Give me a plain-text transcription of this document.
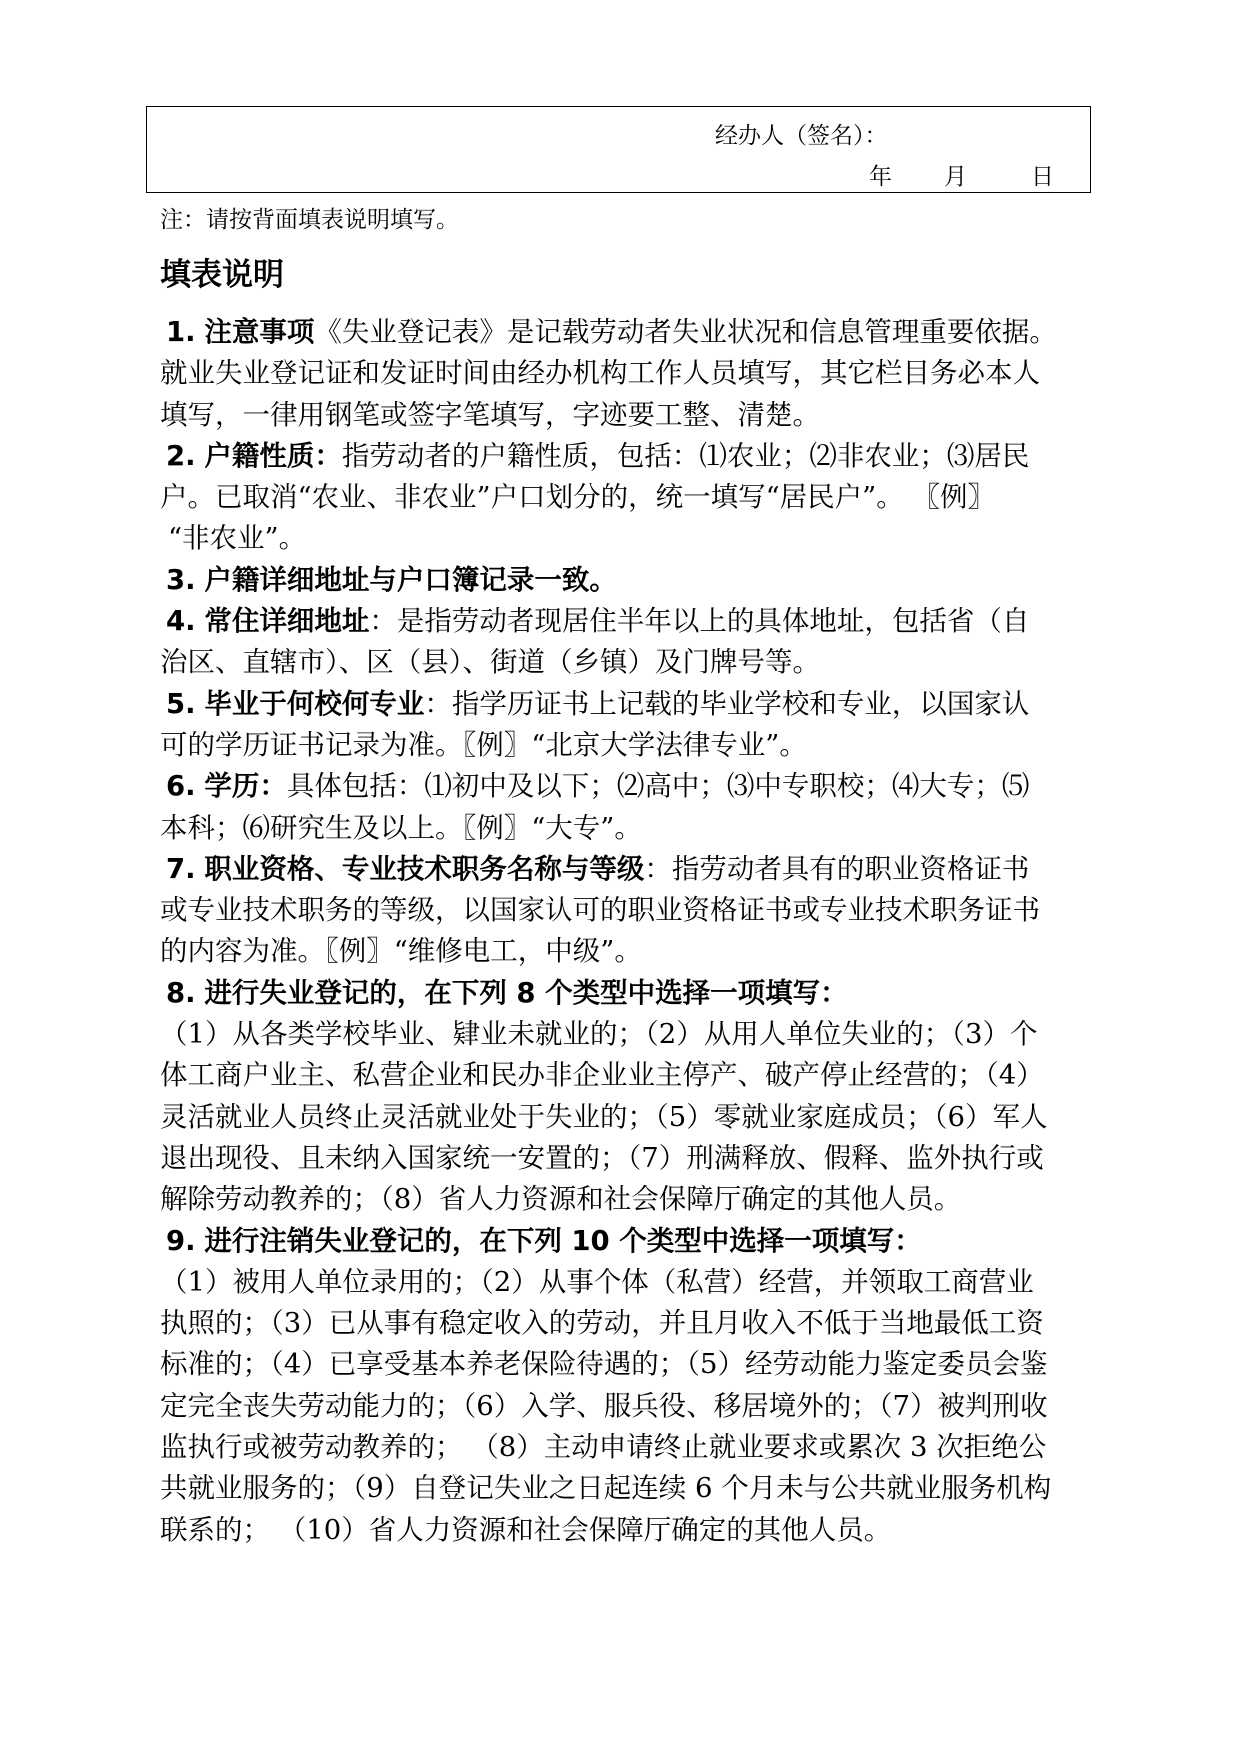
经办人（签名）：
年 月	日
注：请按背面填表说明填写。
填表说明
1. 注意事项《失业登记表》是记载劳动者失业状况和信息管理重要依据。
就业失业登记证和发证时间由经办机构工作人员填写，其它栏目务必本人
填写，一律用钢笔或签字笔填写，字迹要工整、清楚。
2. 户籍性质：指劳动者的户籍性质，包括：⑴农业；⑵非农业；⑶居民
户。已取消“农业、非农业”户口划分的，统一填写“居民户”。 〖例〗
“非农业”。
3. 户籍详细地址与户口簿记录一致。
4. 常住详细地址：是指劳动者现居住半年以上的具体地址，包括省（自
治区、直辖市）、区（县）、街道（乡镇）及门牌号等。
5. 毕业于何校何专业：指学历证书上记载的毕业学校和专业，以国家认
可的学历证书记录为准。〖例〗“北京大学法律专业”。
6. 学历：具体包括：⑴初中及以下；⑵高中；⑶中专职校；⑷大专；⑸
本科；⑹研究生及以上。〖例〗“大专”。
7. 职业资格、专业技术职务名称与等级：指劳动者具有的职业资格证书
或专业技术职务的等级，以国家认可的职业资格证书或专业技术职务证书
的内容为准。〖例〗“维修电工，中级”。
8. 进行失业登记的，在下列 8 个类型中选择一项填写：
（1）从各类学校毕业、肄业未就业的；（2）从用人单位失业的；（3）个
体工商户业主、私营企业和民办非企业业主停产、破产停止经营的；（4）
灵活就业人员终止灵活就业处于失业的；（5）零就业家庭成员；（6）军人
退出现役、且未纳入国家统一安置的；（7）刑满释放、假释、监外执行或
解除劳动教养的；（8）省人力资源和社会保障厅确定的其他人员。
9. 进行注销失业登记的，在下列 10 个类型中选择一项填写：
（1）被用人单位录用的；（2）从事个体（私营）经营，并领取工商营业
执照的；（3）已从事有稳定收入的劳动，并且月收入不低于当地最低工资
标准的；（4）已享受基本养老保险待遇的；（5）经劳动能力鉴定委员会鉴
定完全丧失劳动能力的；（6）入学、服兵役、移居境外的；（7）被判刑收
监执行或被劳动教养的； （8）主动申请终止就业要求或累次 3 次拒绝公
共就业服务的；（9）自登记失业之日起连续 6 个月未与公共就业服务机构
联系的； （10）省人力资源和社会保障厅确定的其他人员。
